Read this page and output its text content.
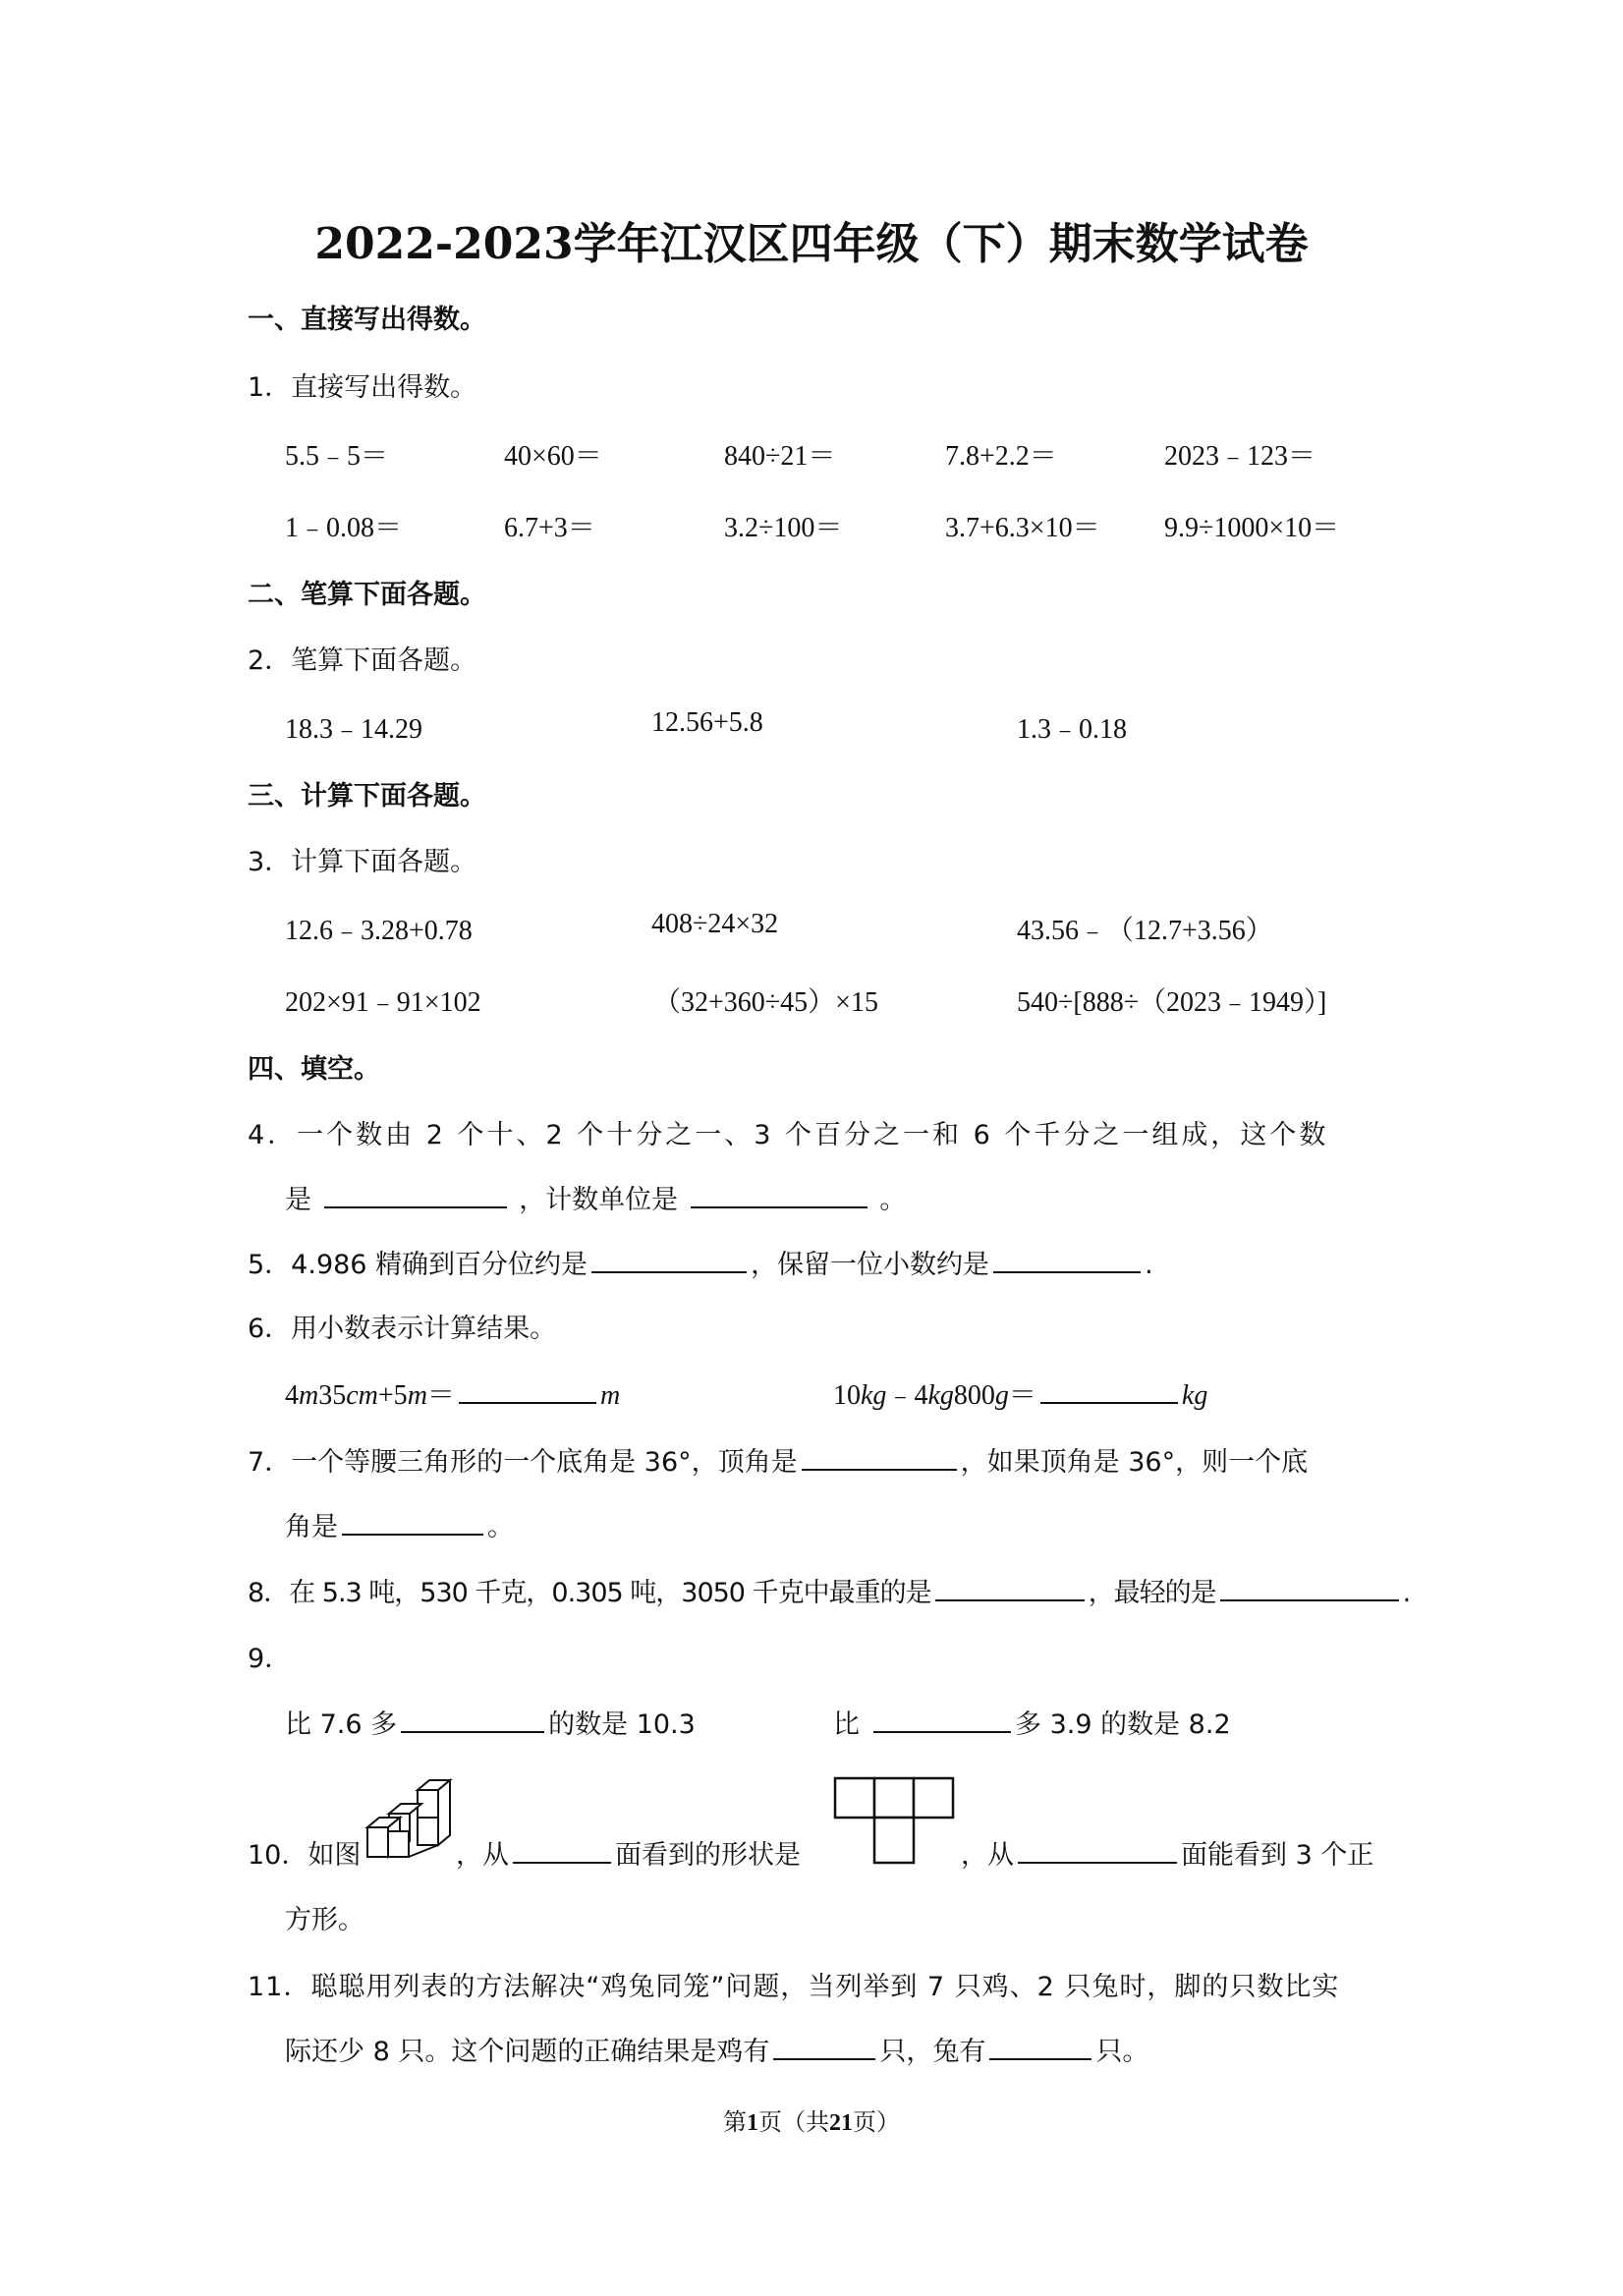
2022-2023学年江汉区四年级（下）期末数学试卷
一、直接写出得数。
1．直接写出得数。
5.5﹣5＝	40×60＝	840÷21＝	7.8+2.2＝	2023﹣123＝
1﹣0.08＝	6.7+3＝	3.2÷100＝	3.7+6.3×10＝ 9.9÷1000×10＝
二、笔算下面各题。
2．笔算下面各题。
18.3﹣14.29	12.56+5.8	1.3﹣0.18
三、计算下面各题。
3．计算下面各题。
12.6﹣3.28+0.78	408÷24×32	43.56﹣（12.7+3.56）
202×91﹣91×102	（32+360÷45）×15	540÷[888÷（2023﹣1949）]
四、填空。
4．一个数由 2 个十、2 个十分之一、3 个百分之一和 6 个千分之一组成，这个数
是	，计数单位是	。
5．4.986 精确到百分位约是	，保留一位小数约是	.
6．用小数表示计算结果。
4m35cm+5m＝	m	10kg﹣4kg800g＝	kg
7．一个等腰三角形的一个底角是 36°，顶角是	，如果顶角是 36°，则一个底
角是	。
8．在 5.3 吨，530 千克，0.305 吨，3050 千克中最重的是	，最轻的是	.
9．
比 7.6 多	的数是 10.3	比	多 3.9 的数是 8.2
10．如图	，从	面看到的形状是	，从	面能看到 3 个正
方形。
11．聪聪用列表的方法解决“鸡兔同笼”问题，当列举到 7 只鸡、2 只兔时，脚的只数比实
际还少 8 只。这个问题的正确结果是鸡有	只，兔有	只。
第1页（共21页）
